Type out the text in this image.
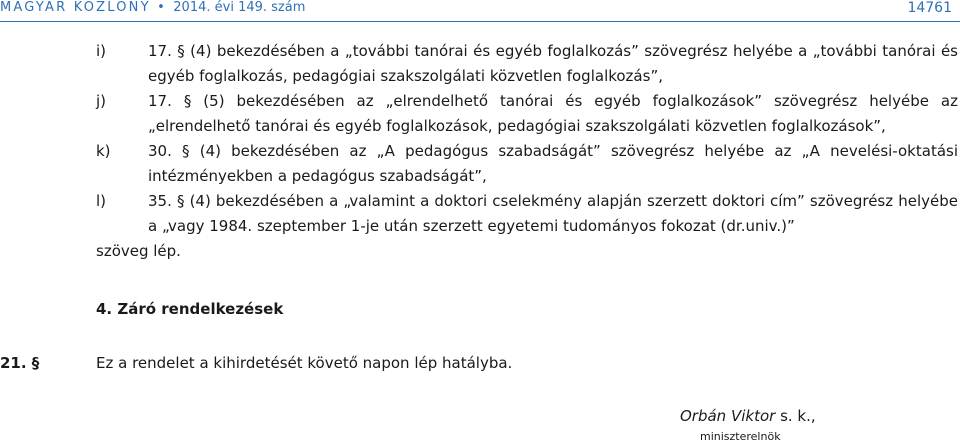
MAGYAR KÖZLÖNY • 2014. évi 149. szám	14761
i)	17. § (4) bekezdésében a „további tanórai és egyéb foglalkozás” szövegrész helyébe a „további tanórai és egyéb foglalkozás, pedagógiai szakszolgálati közvetlen foglalkozás”,
j)	17. § (5) bekezdésében az „elrendelhető tanórai és egyéb foglalkozások” szövegrész helyébe az „elrendelhető tanórai és egyéb foglalkozások, pedagógiai szakszolgálati közvetlen foglalkozások”,
k)	30. § (4) bekezdésében az „A pedagógus szabadságát” szövegrész helyébe az „A nevelési-oktatási intézményekben a pedagógus szabadságát”,
l)	35. § (4) bekezdésében a „valamint a doktori cselekmény alapján szerzett doktori cím” szövegrész helyébe a „vagy 1984. szeptember 1-je után szerzett egyetemi tudományos fokozat (dr.univ.)”
szöveg lép.
4. Záró rendelkezések
21. §	Ez a rendelet a kihirdetését követő napon lép hatályba.
Orbán Viktor s. k.,
miniszterelnök
